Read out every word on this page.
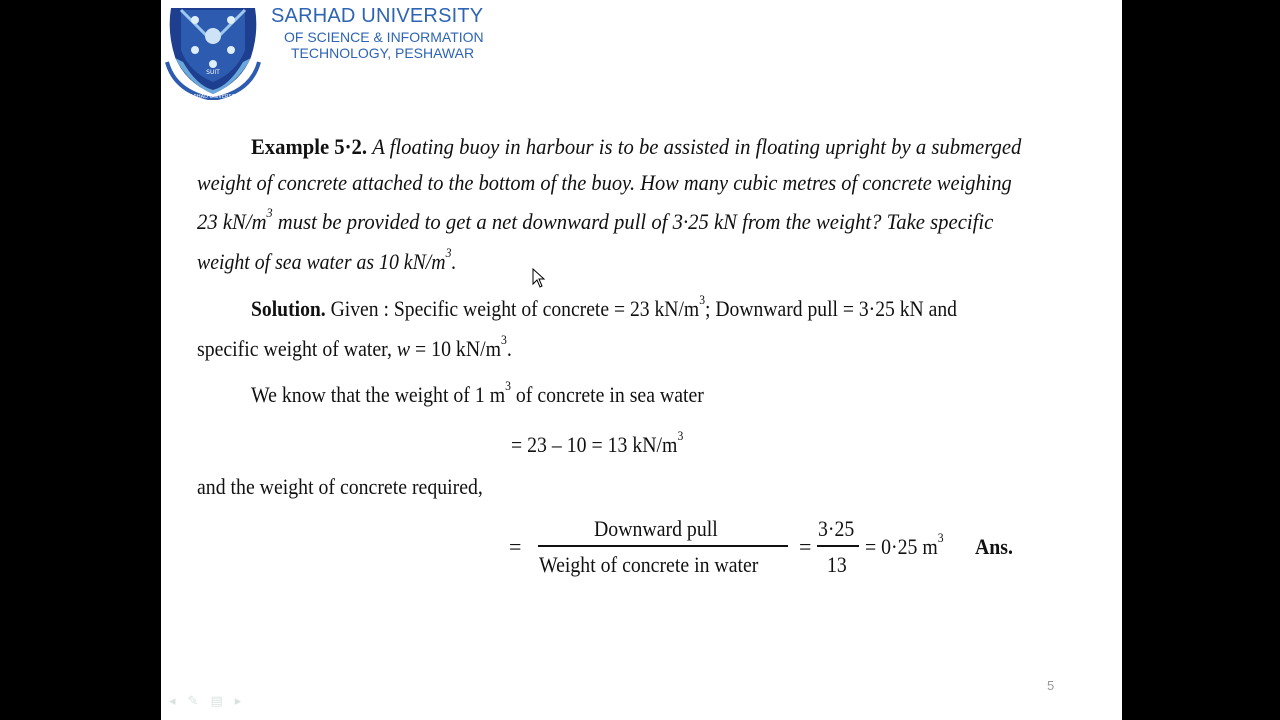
SARHAD UNIVERSITY
SUIT
SARHAD UNIVERSITY
OF SCIENCE & INFORMATION
TECHNOLOGY, PESHAWAR
Example 5·2. A floating buoy in harbour is to be assisted in floating upright by a submerged
weight of concrete attached to the bottom of the buoy. How many cubic metres of concrete weighing
23 $kN/m^3$ must be provided to get a net downward pull of 3·25 kN from the weight? Take specific
weight of sea water as 10 $kN/m^3$.
Solution. Given : Specific weight of concrete = 23 $kN/m^3$; Downward pull = 3·25 kN and
specific weight of water, w = 10 $kN/m^3$.
We know that the weight of 1 $m^3$ of concrete in sea water
= 23 – 10 = 13 $kN/m^3$
and the weight of concrete required,
=
Downward pull
Weight of concrete in water
=
3·25
13
= 0·25 $m^3$ Ans.
5
◂ ✎ ▤ ▸
